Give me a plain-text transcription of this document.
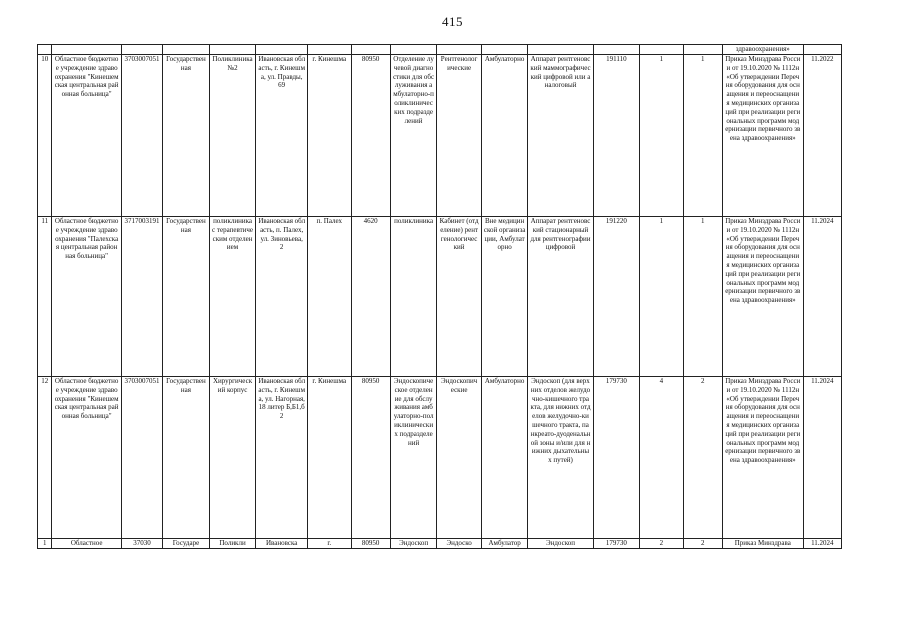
415
															здравоохранения»	
10	Областное бюджетное учреждение здравоохранения "Кинешемская центральная районная больница"	3703007051	Государственная	Поликлиника №2	Ивановская область, г. Кинешма, ул. Правды, 69	г. Кинешма	80950	Отделение лучевой диагностики для обслуживания амбулаторно-поликлинических подразделений	Рентгенологические	Амбулаторно	Аппарат рентгеновский маммографический цифровой или аналоговый	191110	1	1	Приказ Минздрава России от 19.10.2020 № 1112н «Об утверждении Перечня оборудования для оснащения и переоснащения медицинских организаций при реализации региональных программ модернизации первичного звена здравоохранения»	11.2022
11	Областное бюджетное учреждение здравоохранения "Палехская центральная районная больница"	3717003191	Государственная	поликлиника с терапевтическим отделением	Ивановская область, п. Палех, ул. Зиновьева, 2	п. Палех	4620	поликлиника	Кабинет (отделение) рентгенологический	Вне медицинской организации, Амбулаторно	Аппарат рентгеновский стационарный для рентгенографии цифровой	191220	1	1	Приказ Минздрава России от 19.10.2020 № 1112н «Об утверждении Перечня оборудования для оснащения и переоснащения медицинских организаций при реализации региональных программ модернизации первичного звена здравоохранения»	11.2024
12	Областное бюджетное учреждение здравоохранения "Кинешемская центральная районная больница"	3703007051	Государственная	Хирургический корпус	Ивановская область, г. Кинешма, ул. Нагорная, 18 литер Б,Б1,б2	г. Кинешма	80950	Эндоскопическое отделение для обслуживания амбулаторно-поликлинических подразделений	Эндоскопические	Амбулаторно	Эндоскоп (для верхних отделов желудочно-кишечного тракта, для нижних отделов желудочно-кишечного тракта, панкреато-дуоденальной зоны и/или для нижних дыхательных путей)	179730	4	2	Приказ Минздрава России от 19.10.2020 № 1112н «Об утверждении Перечня оборудования для оснащения и переоснащения медицинских организаций при реализации региональных программ модернизации первичного звена здравоохранения»	11.2024
1	Областное	37030	Государе	Поликли	Ивановска	г.	80950	Эндоскоп	Эндоско	Амбулатор	Эндоскоп	179730	2	2	Приказ Минздрава	11.2024
